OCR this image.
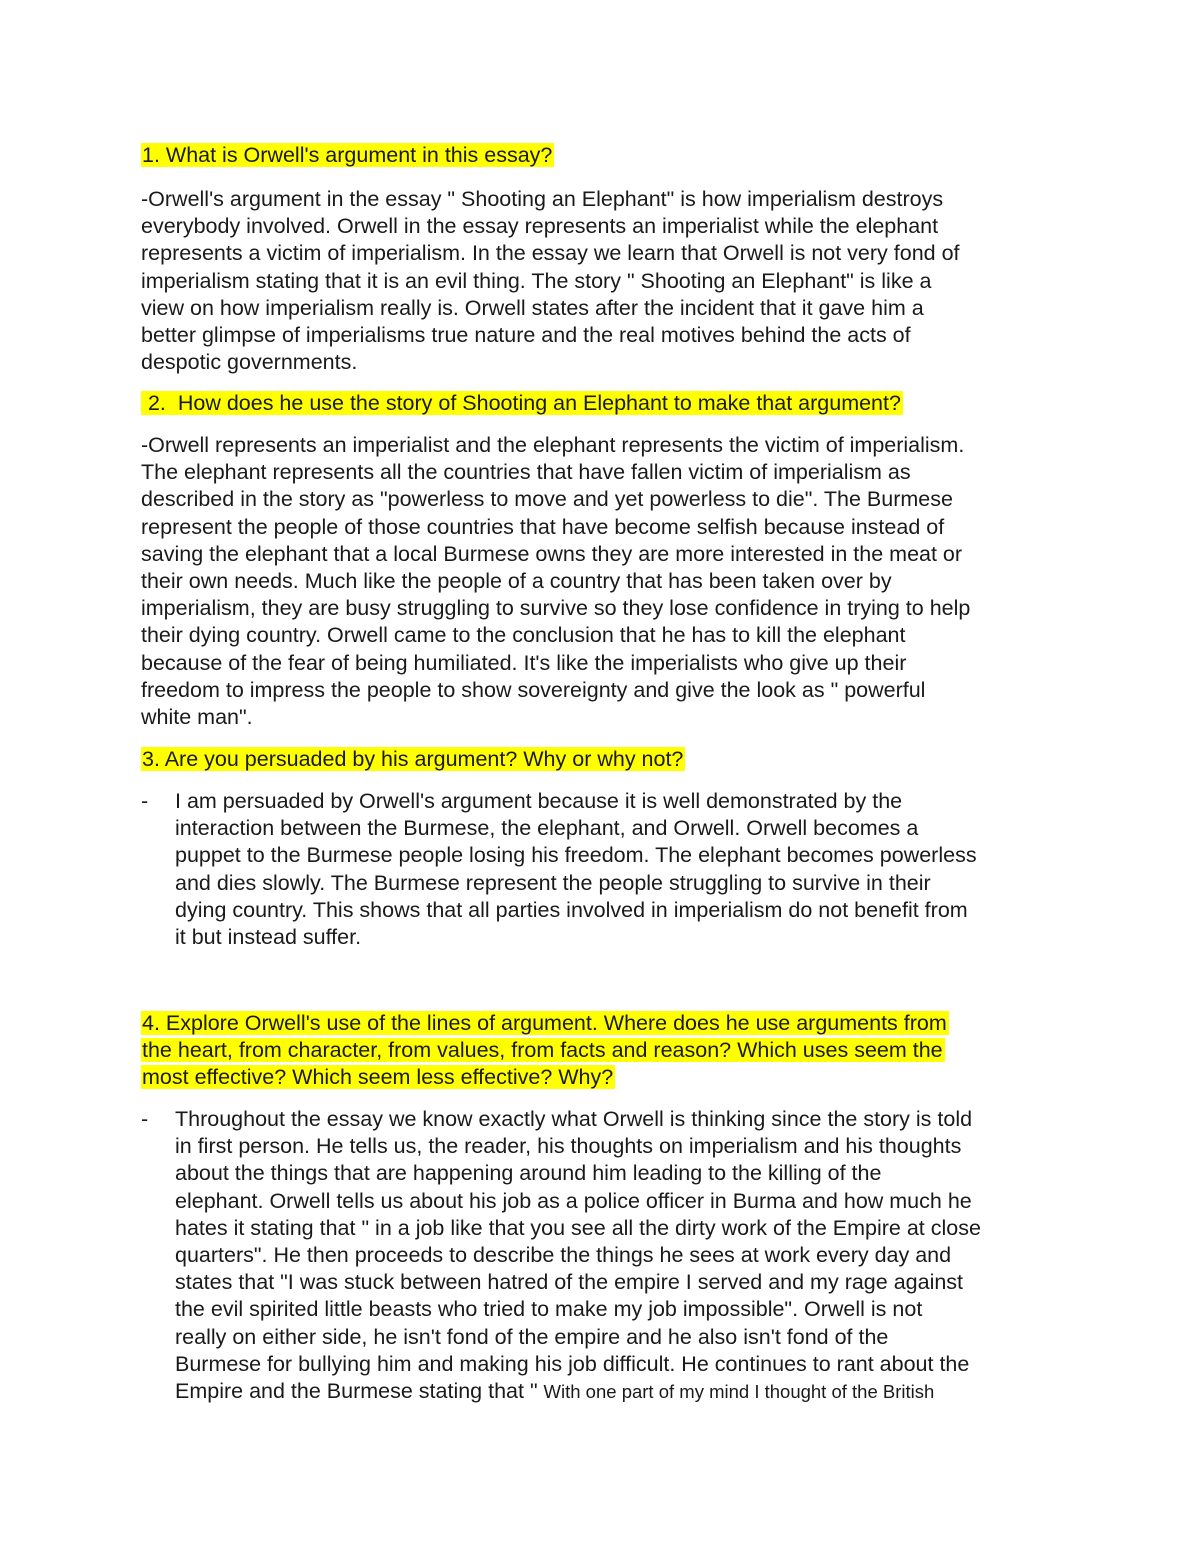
1. What is Orwell's argument in this essay?
-Orwell's argument in the essay " Shooting an Elephant" is how imperialism destroys
everybody involved. Orwell in the essay represents an imperialist while the elephant
represents a victim of imperialism. In the essay we learn that Orwell is not very fond of
imperialism stating that it is an evil thing. The story " Shooting an Elephant" is like a
view on how imperialism really is. Orwell states after the incident that it gave him a
better glimpse of imperialisms true nature and the real motives behind the acts of
despotic governments.
2.  How does he use the story of Shooting an Elephant to make that argument?
-Orwell represents an imperialist and the elephant represents the victim of imperialism.
The elephant represents all the countries that have fallen victim of imperialism as
described in the story as "powerless to move and yet powerless to die". The Burmese
represent the people of those countries that have become selfish because instead of
saving the elephant that a local Burmese owns they are more interested in the meat or
their own needs. Much like the people of a country that has been taken over by
imperialism, they are busy struggling to survive so they lose confidence in trying to help
their dying country. Orwell came to the conclusion that he has to kill the elephant
because of the fear of being humiliated. It's like the imperialists who give up their
freedom to impress the people to show sovereignty and give the look as " powerful
white man".
3. Are you persuaded by his argument? Why or why not?
- I am persuaded by Orwell's argument because it is well demonstrated by the
interaction between the Burmese, the elephant, and Orwell. Orwell becomes a
puppet to the Burmese people losing his freedom. The elephant becomes powerless
and dies slowly. The Burmese represent the people struggling to survive in their
dying country. This shows that all parties involved in imperialism do not benefit from
it but instead suffer.
4. Explore Orwell's use of the lines of argument. Where does he use arguments from
the heart, from character, from values, from facts and reason? Which uses seem the
most effective? Which seem less effective? Why?
- Throughout the essay we know exactly what Orwell is thinking since the story is told
in first person. He tells us, the reader, his thoughts on imperialism and his thoughts
about the things that are happening around him leading to the killing of the
elephant. Orwell tells us about his job as a police officer in Burma and how much he
hates it stating that " in a job like that you see all the dirty work of the Empire at close
quarters". He then proceeds to describe the things he sees at work every day and
states that "I was stuck between hatred of the empire I served and my rage against
the evil spirited little beasts who tried to make my job impossible". Orwell is not
really on either side, he isn't fond of the empire and he also isn't fond of the
Burmese for bullying him and making his job difficult. He continues to rant about the
Empire and the Burmese stating that " With one part of my mind I thought of the British
